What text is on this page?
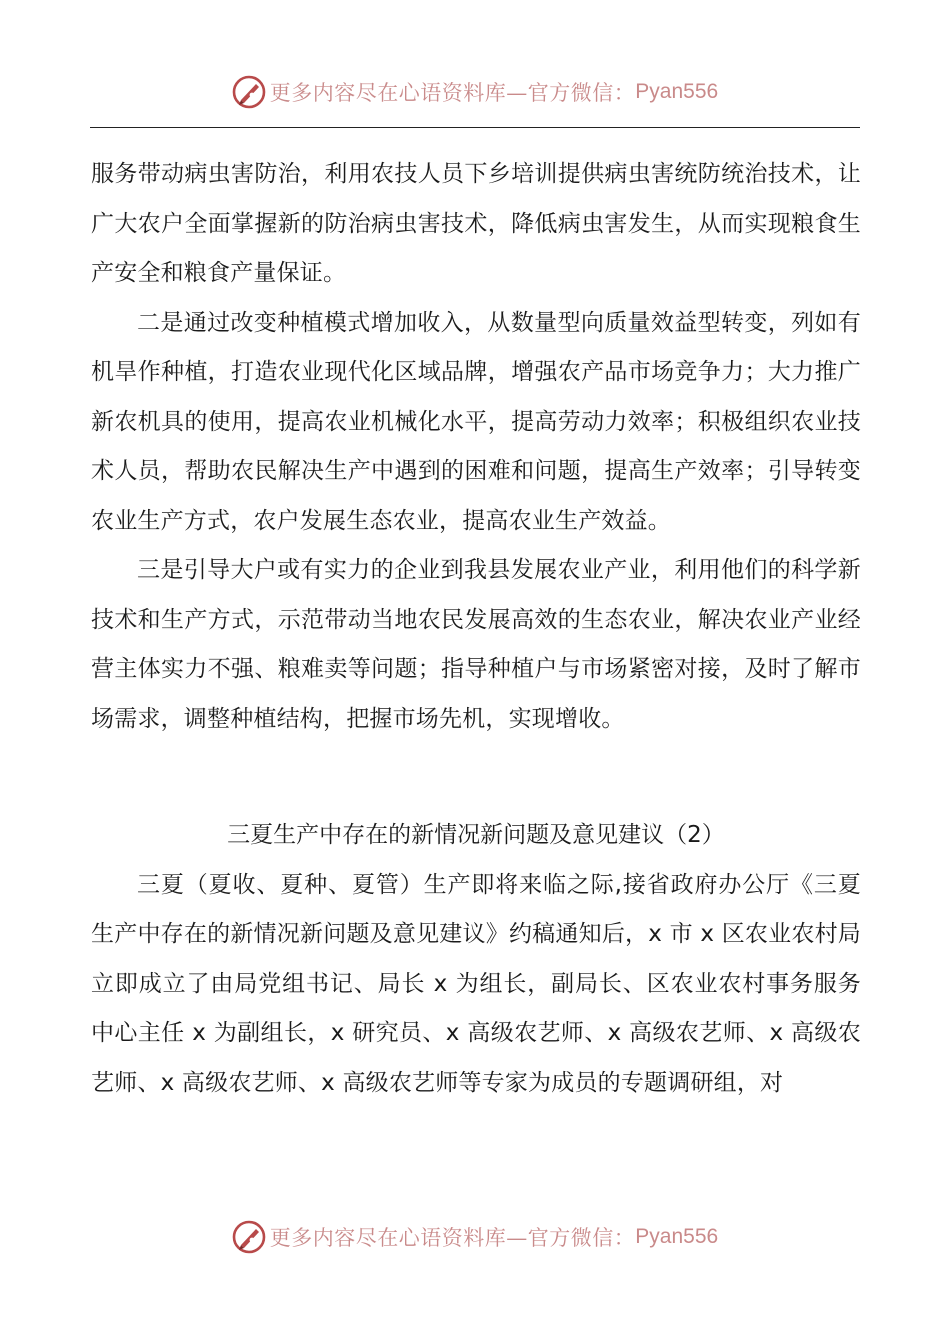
更多内容尽在心语资料库—官方微信： Pyan556

服务带动病虫害防治，利用农技人员下乡培训提供病虫害统防统治技术，让广大农户全面掌握新的防治病虫害技术，降低病虫害发生，从而实现粮食生产安全和粮食产量保证。

二是通过改变种植模式增加收入，从数量型向质量效益型转变，列如有机旱作种植，打造农业现代化区域品牌，增强农产品市场竞争力；大力推广新农机具的使用，提高农业机械化水平，提高劳动力效率；积极组织农业技术人员，帮助农民解决生产中遇到的困难和问题，提高生产效率；引导转变农业生产方式，农户发展生态农业，提高农业生产效益。

三是引导大户或有实力的企业到我县发展农业产业，利用他们的科学新技术和生产方式，示范带动当地农民发展高效的生态农业，解决农业产业经营主体实力不强、粮难卖等问题；指导种植户与市场紧密对接，及时了解市场需求，调整种植结构，把握市场先机，实现增收。

三夏生产中存在的新情况新问题及意见建议（2）

三夏（夏收、夏种、夏管）生产即将来临之际,接省政府办公厅《三夏生产中存在的新情况新问题及意见建议》约稿通知后，x 市 x 区农业农村局立即成立了由局党组书记、局长 x 为组长，副局长、区农业农村事务服务中心主任 x 为副组长，x 研究员、x 高级农艺师、x 高级农艺师、x 高级农艺师、x 高级农艺师、x 高级农艺师等专家为成员的专题调研组，对

更多内容尽在心语资料库—官方微信： Pyan556
